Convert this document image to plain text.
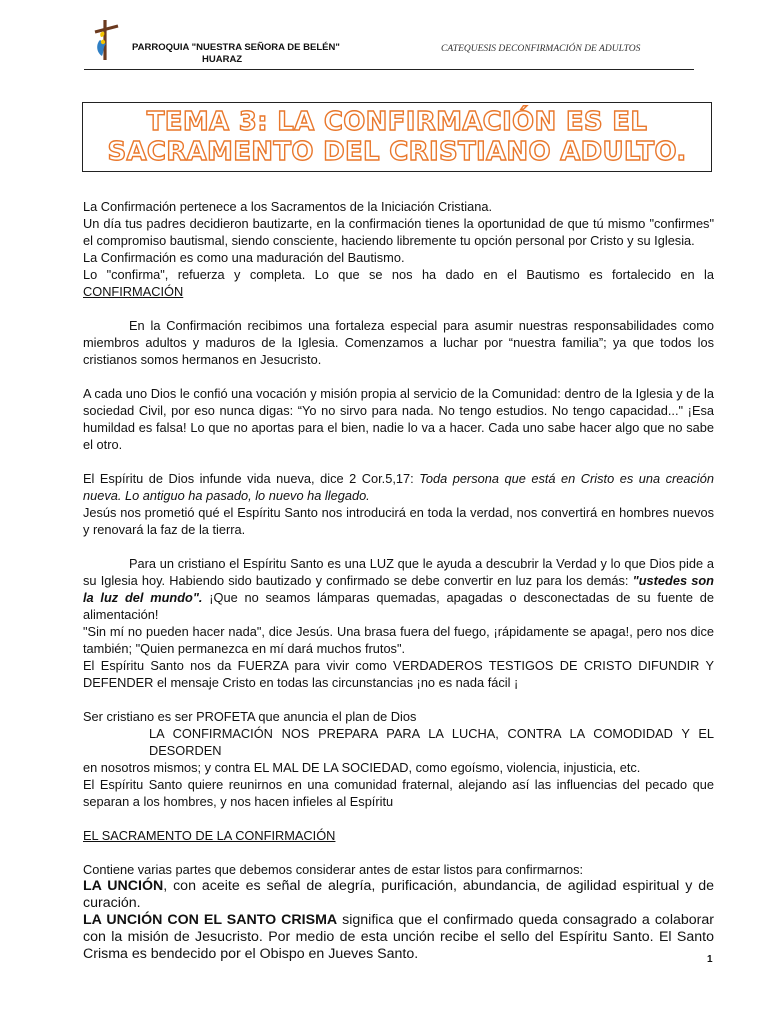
PARROQUIA "NUESTRA SEÑORA DE BELÉN"
HUARAZ
CATEQUESIS DECONFIRMACIÓN DE ADULTOS
TEMA 3: LA CONFIRMACIÓN ES EL
SACRAMENTO DEL CRISTIANO ADULTO.

La Confirmación pertenece a los Sacramentos de la Iniciación Cristiana.

Un día tus padres decidieron bautizarte, en la confirmación tienes la oportunidad de que tú mismo "confirmes" el compromiso bautismal, siendo consciente, haciendo libremente tu opción personal por Cristo y su Iglesia.

La Confirmación es como una maduración del Bautismo.

Lo "confirma", refuerza y completa. Lo que se nos ha dado en el Bautismo es fortalecido en la CONFIRMACIÓN

En la Confirmación recibimos una fortaleza especial para asumir nuestras responsabilidades como miembros adultos y maduros de la Iglesia. Comenzamos a luchar por “nuestra familia”; ya que todos los cristianos somos hermanos en Jesucristo.

A cada uno Dios le confió una vocación y misión propia al servicio de la Comunidad: dentro de la Iglesia y de la sociedad Civil, por eso nunca digas: “Yo no sirvo para nada. No tengo estudios. No tengo capacidad..." ¡Esa humildad es falsa! Lo que no aportas para el bien, nadie lo va a hacer. Cada uno sabe hacer algo que no sabe el otro.

El Espíritu de Dios infunde vida nueva, dice 2 Cor.5,17: Toda persona que está en Cristo es una creación nueva. Lo antiguo ha pasado, lo nuevo ha llegado.

Jesús nos prometió qué el Espíritu Santo nos introducirá en toda la verdad, nos convertirá en hombres nuevos y renovará la faz de la tierra.

Para un cristiano el Espíritu Santo es una LUZ que le ayuda a descubrir la Verdad y lo que Dios pide a su Iglesia hoy. Habiendo sido bautizado y confirmado se debe convertir en luz para los demás: "ustedes son la luz del mundo". ¡Que no seamos lámparas quemadas, apagadas o desconectadas de su fuente de alimentación!

"Sin mí no pueden hacer nada", dice Jesús. Una brasa fuera del fuego, ¡rápidamente se apaga!, pero nos dice también; "Quien permanezca en mí dará muchos frutos".

El Espíritu Santo nos da FUERZA para vivir como VERDADEROS TESTIGOS DE CRISTO DIFUNDIR Y DEFENDER el mensaje Cristo en todas las circunstancias ¡no es nada fácil ¡

Ser cristiano es ser PROFETA que anuncia el plan de Dios

LA CONFIRMACIÓN NOS PREPARA PARA LA LUCHA, CONTRA LA COMODIDAD Y EL DESORDEN

en nosotros mismos; y contra EL MAL DE LA SOCIEDAD, como egoísmo, violencia, injusticia, etc.

El Espíritu Santo quiere reunirnos en una comunidad fraternal, alejando así las influencias del pecado que separan a los hombres, y nos hacen infieles al Espíritu

EL SACRAMENTO DE LA CONFIRMACIÓN

Contiene varias partes que debemos considerar antes de estar listos para confirmarnos:

LA UNCIÓN, con aceite es señal de alegría, purificación, abundancia, de agilidad espiritual y de curación.

LA UNCIÓN CON EL SANTO CRISMA significa que el confirmado queda consagrado a colaborar con la misión de Jesucristo. Por medio de esta unción recibe el sello del Espíritu Santo. El Santo Crisma es bendecido por el Obispo en Jueves Santo.	1
